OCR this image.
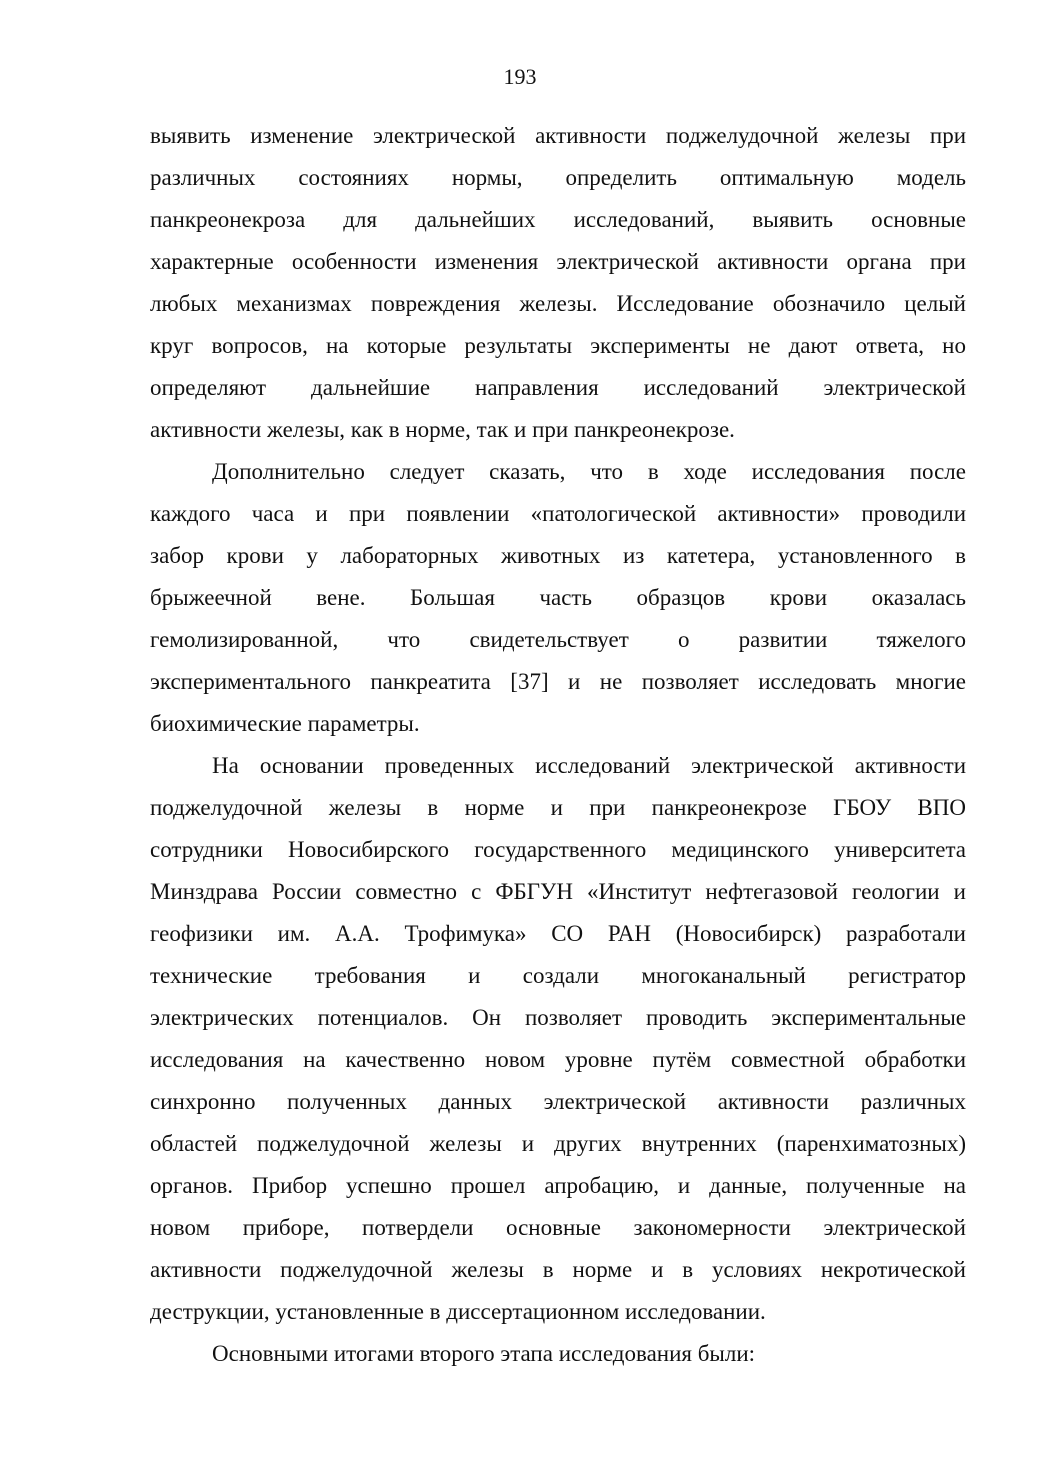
193
выявить изменение электрической активности поджелудочной железы при
различных состояниях нормы, определить оптимальную модель
панкреонекроза для дальнейших исследований, выявить основные
характерные особенности изменения электрической активности органа при
любых механизмах повреждения железы. Исследование обозначило целый
круг вопросов, на которые результаты эксперименты не дают ответа, но
определяют дальнейшие направления исследований электрической
активности железы, как в норме, так и при панкреонекрозе.
Дополнительно следует сказать, что в ходе исследования после
каждого часа и при появлении «патологической активности» проводили
забор крови у лабораторных животных из катетера, установленного в
брыжеечной вене. Большая часть образцов крови оказалась
гемолизированной, что свидетельствует о развитии тяжелого
экспериментального панкреатита [37] и не позволяет исследовать многие
биохимические параметры.
На основании проведенных исследований электрической активности
поджелудочной железы в норме и при панкреонекрозе ГБОУ ВПО
сотрудники Новосибирского государственного медицинского университета
Минздрава России совместно с ФБГУН «Институт нефтегазовой геологии и
геофизики им. А.А. Трофимука» СО РАН (Новосибирск) разработали
технические требования и создали многоканальный регистратор
электрических потенциалов. Он позволяет проводить экспериментальные
исследования на качественно новом уровне путём совместной обработки
синхронно полученных данных электрической активности различных
областей поджелудочной железы и других внутренних (паренхиматозных)
органов. Прибор успешно прошел апробацию, и данные, полученные на
новом приборе, потвердели основные закономерности электрической
активности поджелудочной железы в норме и в условиях некротической
деструкции, установленные в диссертационном исследовании.
Основными итогами второго этапа исследования были:
